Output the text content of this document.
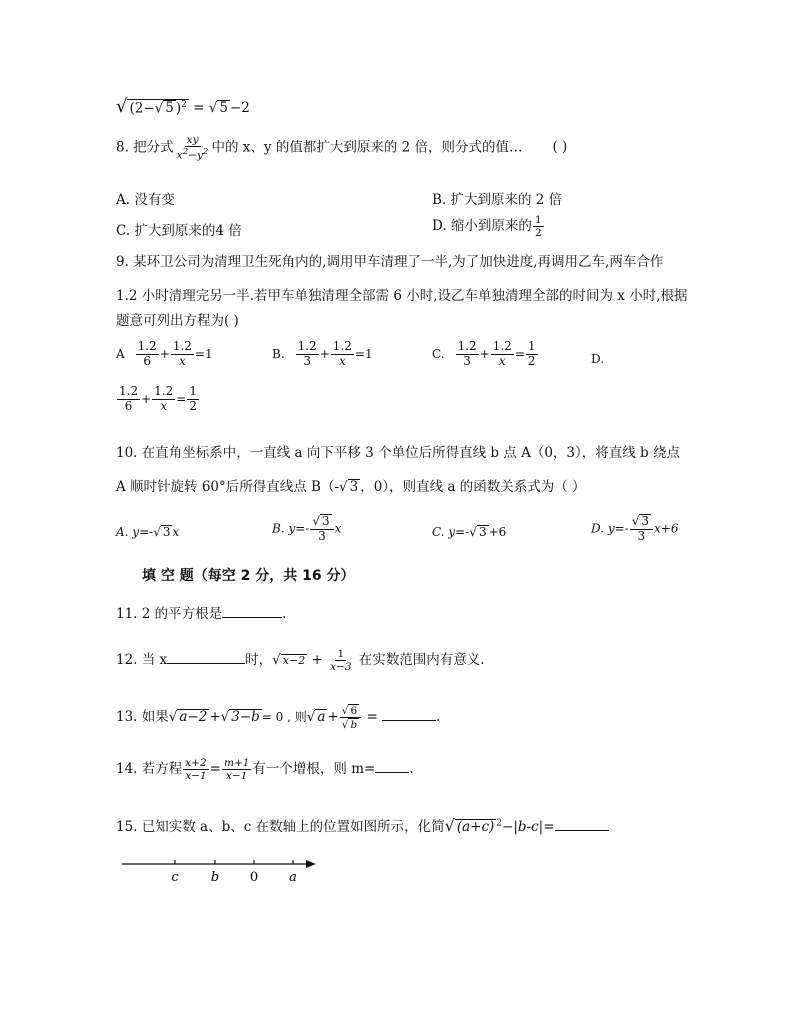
√ (2−√ 5 )$^2$ = √ 5 −2
8. 把分式 $\frac{xy}{x^2-y^2}$ 中的 x、y 的值都扩大到原来的 2 倍，则分式的值… ( )
A. 没有变	B. 扩大到原来的 2 倍
C. 扩大到原来的4 倍	D. 缩小到原来的 $\frac{1}{2}$
9. 某环卫公司为清理卫生死角内的,调用甲车清理了一半,为了加快进度,再调用乙车,两车合作
1.2 小时清理完另一半.若甲车单独清理全部需 6 小时,设乙车单独清理全部的时间为 x 小时,根据
题意可列出方程为( )
A $\frac{1.2}{6} + \frac{1.2}{x} =1$	B. $\frac{1.2}{3} + \frac{1.2}{x} =1$	C. $\frac{1.2}{3} + \frac{1.2}{x} = \frac{1}{2}$	D.
$\frac{1.2}{6} + \frac{1.2}{x} = \frac{1}{2}$
10. 在直角坐标系中，一直线 a 向下平移 3 个单位后所得直线 b 点 A（0，3），将直线 b 绕点
A 顺时针旋转 60°后所得直线点 B（-√ 3 ，0），则直线 a 的函数关系式为（ ）
A. y=-√ 3 x	B. $y=- \frac{√ 3}{3}$ x	C. y=-√ 3 +6	D. $y=- \frac{√ 3}{3} x+6$
填 空 题（每空 2 分，共 16 分）
11. 2 的平方根是	.
12. 当 x	时，√ $x-2 + \frac{1}{x-3}$ 在实数范围内有意义.
13. 如果√ a−2 +√ 3−b = 0 , 则√ $a + \frac{√ 6}{√ b}$ =	.
14. 若方程 $\frac{x+2}{x-1} = \frac{m+1}{x-1}$ 有一个增根，则 m=	.
15. 已知实数 a、b、c 在数轴上的位置如图所示，化简√ (a+c) $^2$−|b-c|=
c b 0 a
